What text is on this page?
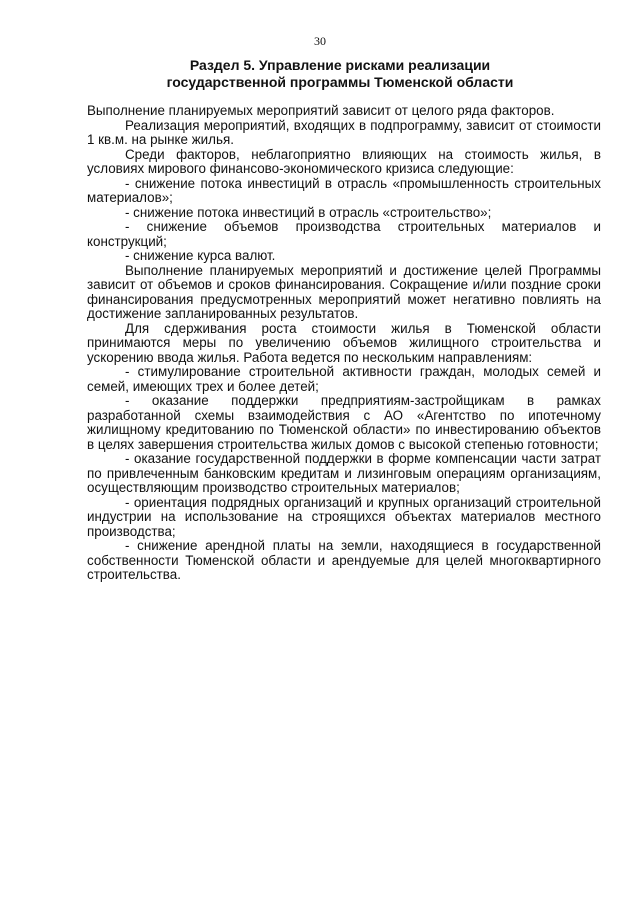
30
Раздел 5. Управление рисками реализации
государственной программы Тюменской области

Выполнение планируемых мероприятий зависит от целого ряда факторов.

Реализация мероприятий, входящих в подпрограмму, зависит от стоимости 1 кв.м. на рынке жилья.

Среди факторов, неблагоприятно влияющих на стоимость жилья, в условиях мирового финансово-экономического кризиса следующие:

- снижение потока инвестиций в отрасль «промышленность строительных материалов»;

- снижение потока инвестиций в отрасль «строительство»;

- снижение объемов производства строительных материалов и конструкций;

- снижение курса валют.

Выполнение планируемых мероприятий и достижение целей Программы зависит от объемов и сроков финансирования. Сокращение и/или поздние сроки финансирования предусмотренных мероприятий может негативно повлиять на достижение запланированных результатов.

Для сдерживания роста стоимости жилья в Тюменской области принимаются меры по увеличению объемов жилищного строительства и ускорению ввода жилья. Работа ведется по нескольким направлениям:

- стимулирование строительной активности граждан, молодых семей и семей, имеющих трех и более детей;

- оказание поддержки предприятиям-застройщикам в рамках разработанной схемы взаимодействия с АО «Агентство по ипотечному жилищному кредитованию по Тюменской области» по инвестированию объектов в целях завершения строительства жилых домов с высокой степенью готовности;

- оказание государственной поддержки в форме компенсации части затрат по привлеченным банковским кредитам и лизинговым операциям организациям, осуществляющим производство строительных материалов;

- ориентация подрядных организаций и крупных организаций строительной индустрии на использование на строящихся объектах материалов местного производства;

- снижение арендной платы на земли, находящиеся в государственной собственности Тюменской области и арендуемые для целей многоквартирного строительства.
